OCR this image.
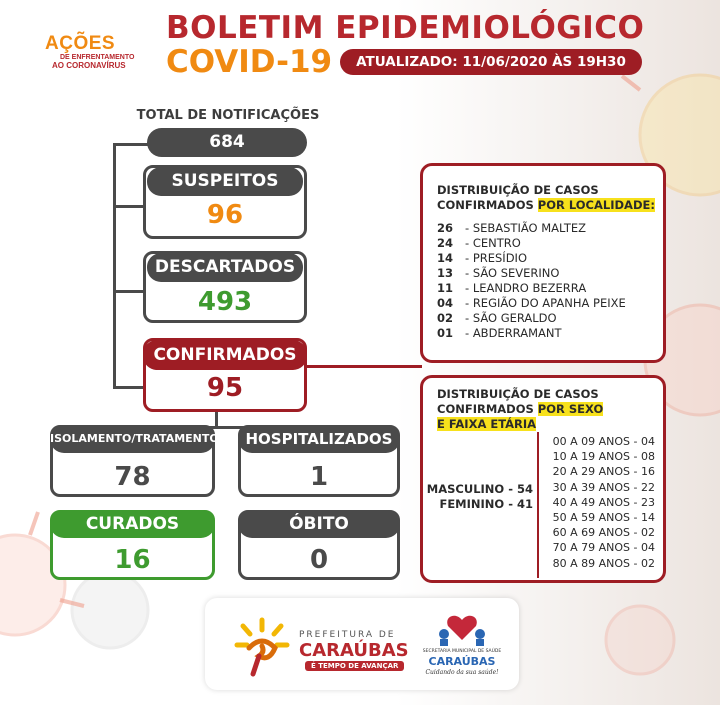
AÇÕES
DE ENFRENTAMENTO
AO CORONAVÍRUS
BOLETIM EPIDEMIOLÓGICO
COVID-19	ATUALIZADO: 11/06/2020 ÀS 19H30
TOTAL DE NOTIFICAÇÕES
684
SUSPEITOS
96
DESCARTADOS
493
CONFIRMADOS
95
ISOLAMENTO/TRATAMENTO
78
HOSPITALIZADOS
1
CURADOS
16
ÓBITO
0
DISTRIBUIÇÃO DE CASOS
CONFIRMADOS POR LOCALIDADE:
26 - SEBASTIÃO MALTEZ
24 - CENTRO
14 - PRESÍDIO
13 - SÃO SEVERINO
11 - LEANDRO BEZERRA
04 - REGIÃO DO APANHA PEIXE
02 - SÃO GERALDO
01 - ABDERRAMANT
DISTRIBUIÇÃO DE CASOS
CONFIRMADOS POR SEXO
E FAIXA ETÁRIA
MASCULINO - 54
FEMININO - 41
00 A 09 ANOS - 04
10 A 19 ANOS - 08
20 A 29 ANOS - 16
30 A 39 ANOS - 22
40 A 49 ANOS - 23
50 A 59 ANOS - 14
60 A 69 ANOS - 02
70 A 79 ANOS - 04
80 A 89 ANOS - 02
PREFEITURA DE
CARAÚBAS
É TEMPO DE AVANÇAR
SECRETARIA MUNICIPAL DE SAÚDE
CARAÚBAS
Cuidando da sua saúde!
